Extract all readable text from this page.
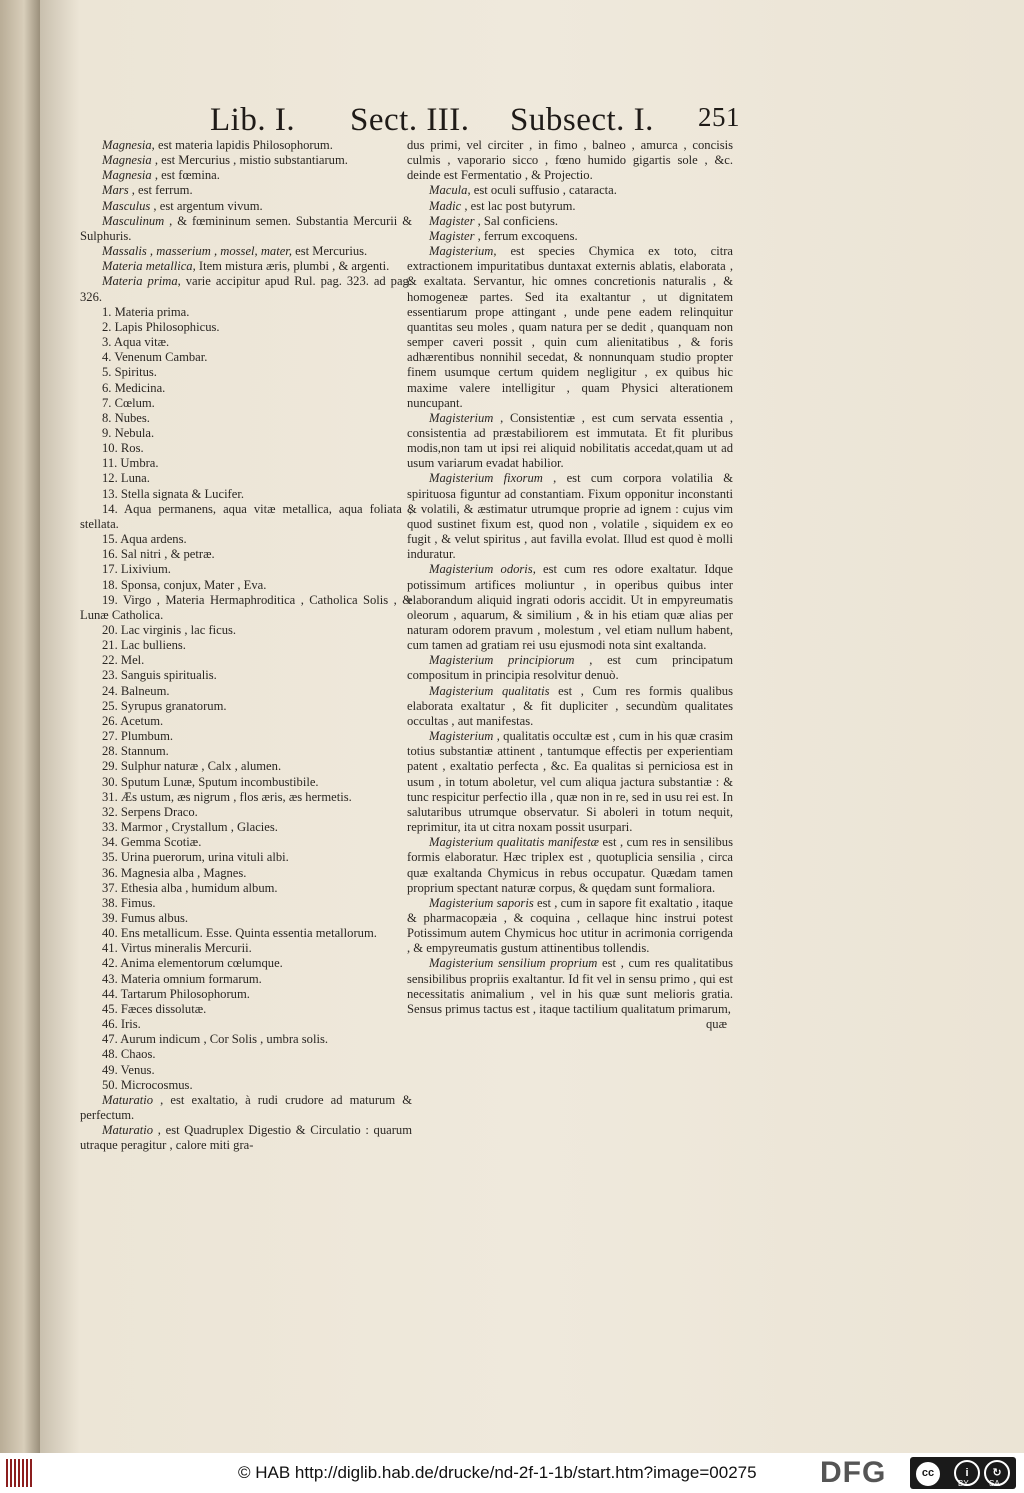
Lib. I. Sect. III. Subsect. I. 251

Magnesia, est materia lapidis Philosophorum.

Magnesia , est Mercurius , mistio substantiarum.

Magnesia , est fœmina.

Mars , est ferrum.

Masculus , est argentum vivum.

Masculinum , & fœmininum semen. Substantia Mercurii & Sulphuris.

Massalis , masserium , mossel, mater, est Mercurius.

Materia metallica, Item mistura æris, plumbi , & argenti.

Materia prima, varie accipitur apud Rul. pag. 323. ad pag. 326.

1. Materia prima.

2. Lapis Philosophicus.

3. Aqua vitæ.

4. Venenum Cambar.

5. Spiritus.

6. Medicina.

7. Cœlum.

8. Nubes.

9. Nebula.

10. Ros.

11. Umbra.

12. Luna.

13. Stella signata & Lucifer.

14. Aqua permanens, aqua vitæ metallica, aqua foliata , stellata.

15. Aqua ardens.

16. Sal nitri , & petræ.

17. Lixivium.

18. Sponsa, conjux, Mater , Eva.

19. Virgo , Materia Hermaphroditica , Catholica Solis , & Lunæ Catholica.

20. Lac virginis , lac ficus.

21. Lac bulliens.

22. Mel.

23. Sanguis spiritualis.

24. Balneum.

25. Syrupus granatorum.

26. Acetum.

27. Plumbum.

28. Stannum.

29. Sulphur naturæ , Calx , alumen.

30. Sputum Lunæ, Sputum incombustibile.

31. Æs ustum, æs nigrum , flos æris, æs hermetis.

32. Serpens Draco.

33. Marmor , Crystallum , Glacies.

34. Gemma Scotiæ.

35. Urina puerorum, urina vituli albi.

36. Magnesia alba , Magnes.

37. Ethesia alba , humidum album.

38. Fimus.

39. Fumus albus.

40. Ens metallicum. Esse. Quinta essentia metallorum.

41. Virtus mineralis Mercurii.

42. Anima elementorum cœlumque.

43. Materia omnium formarum.

44. Tartarum Philosophorum.

45. Fæces dissolutæ.

46. Iris.

47. Aurum indicum , Cor Solis , umbra solis.

48. Chaos.

49. Venus.

50. Microcosmus.

Maturatio , est exaltatio, à rudi crudore ad maturum & perfectum.

Maturatio , est Quadruplex Digestio & Circulatio : quarum utraque peragitur , calore miti gra-

dus primi, vel circiter , in fimo , balneo , amurca , concisis culmis , vaporario sicco , fœno humido gigartis sole , &c. deinde est Fermentatio , & Projectio.

Macula, est oculi suffusio , cataracta.

Madic , est lac post butyrum.

Magister , Sal conficiens.

Magister , ferrum excoquens.

Magisterium, est species Chymica ex toto, citra extractionem impuritatibus duntaxat externis ablatis, elaborata , & exaltata. Servantur, hic omnes concretionis naturalis , & homogeneæ partes. Sed ita exaltantur , ut dignitatem essentiarum prope attingant , unde pene eadem relinquitur quantitas seu moles , quam natura per se dedit , quanquam non semper caveri possit , quin cum alienitatibus , & foris adhærentibus nonnihil secedat, & nonnunquam studio propter finem usumque certum quidem negligitur , ex quibus hic maxime valere intelligitur , quam Physici alterationem nuncupant.

Magisterium , Consistentiæ , est cum servata essentia , consistentia ad præstabiliorem est immutata. Et fit pluribus modis,non tam ut ipsi rei aliquid nobilitatis accedat,quam ut ad usum variarum evadat habilior.

Magisterium fixorum , est cum corpora volatilia & spirituosa figuntur ad constantiam. Fixum opponitur inconstanti & volatili, & æstimatur utrumque proprie ad ignem : cujus vim quod sustinet fixum est, quod non , volatile , siquidem ex eo fugit , & velut spiritus , aut favilla evolat. Illud est quod è molli induratur.

Magisterium odoris, est cum res odore exaltatur. Idque potissimum artifices moliuntur , in operibus quibus inter elaborandum aliquid ingrati odoris accidit. Ut in empyreumatis oleorum , aquarum, & similium , & in his etiam quæ alias per naturam odorem pravum , molestum , vel etiam nullum habent, cum tamen ad gratiam rei usu ejusmodi nota sint exaltanda.

Magisterium principiorum , est cum principatum compositum in principia resolvitur denuò.

Magisterium qualitatis est , Cum res formis qualibus elaborata exaltatur , & fit dupliciter , secundùm qualitates occultas , aut manifestas.

Magisterium , qualitatis occultæ est , cum in his quæ crasim totius substantiæ attinent , tantumque effectis per experientiam patent , exaltatio perfecta , &c. Ea qualitas si perniciosa est in usum , in totum aboletur, vel cum aliqua jactura substantiæ : & tunc respicitur perfectio illa , quæ non in re, sed in usu rei est. In salutaribus utrumque observatur. Si aboleri in totum nequit, reprimitur, ita ut citra noxam possit usurpari.

Magisterium qualitatis manifestæ est , cum res in sensilibus formis elaboratur. Hæc triplex est , quotuplicia sensilia , circa quæ exaltanda Chymicus in rebus occupatur. Quædam tamen proprium spectant naturæ corpus, & quędam sunt formaliora.

Magisterium saporis est , cum in sapore fit exaltatio , itaque & pharmacopæia , & coquina , cellaque hinc instrui potest Potissimum autem Chymicus hoc utitur in acrimonia corrigenda , & empyreumatis gustum attinentibus tollendis.

Magisterium sensilium proprium est , cum res qualitatibus sensibilibus propriis exaltantur. Id fit vel in sensu primo , qui est necessitatis animalium , vel in his quæ sunt melioris gratia. Sensus primus tactus est , itaque tactilium qualitatum primarum,

quæ

© HAB http://diglib.hab.de/drucke/nd-2f-1-1b/start.htm?image=00275 DFG	cc	i	↻
BY	SA
